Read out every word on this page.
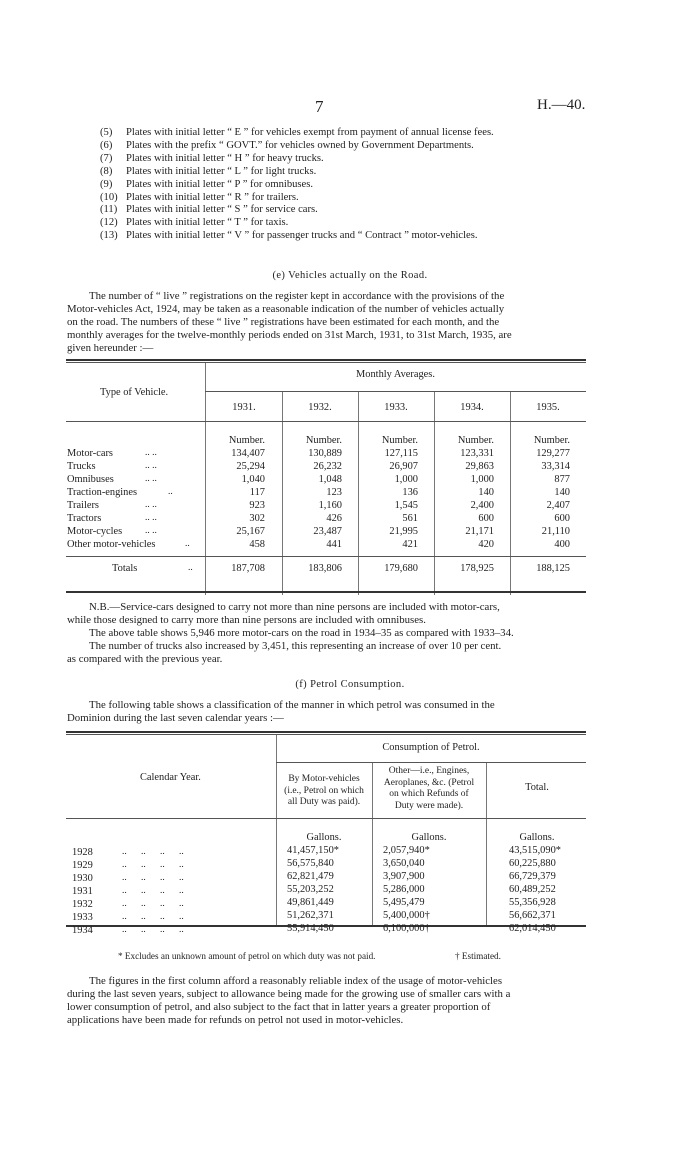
7	H.—40.
(5)	Plates with initial letter “ E ” for vehicles exempt from payment of annual license fees.
(6)	Plates with the prefix “ GOVT.” for vehicles owned by Government Departments.
(7)	Plates with initial letter “ H ” for heavy trucks.
(8)	Plates with initial letter “ L ” for light trucks.
(9)	Plates with initial letter “ P ” for omnibuses.
(10) Plates with initial letter “ R ” for trailers.
(11) Plates with initial letter “ S ” for service cars.
(12) Plates with initial letter “ T ” for taxis.
(13) Plates with initial letter “ V ” for passenger trucks and “ Contract ” motor-vehicles.
(e) Vehicles actually on the Road.
The number of “ live ” registrations on the register kept in accordance with the provisions of the
Motor-vehicles Act, 1924, may be taken as a reasonable indication of the number of vehicles actually
on the road. The numbers of these “ live ” registrations have been estimated for each month, and the
monthly averages for the twelve-monthly periods ended on 31st March, 1931, to 31st March, 1935, are
given hereunder :—
Type of Vehicle.
Monthly Averages.
1931.	1932.	1933.	1934.	1935.
Number.	Number.	Number.	Number.	Number.
Motor-cars	.. ..	134,407	130,889	127,115	123,331	129,277
Trucks	.. ..	25,294	26,232	26,907	29,863	33,314
Omnibuses	.. ..	1,040	1,048	1,000	1,000	877
Traction-engines	..	117	123	136	140	140
Trailers	.. ..	923	1,160	1,545	2,400	2,407
Tractors	.. ..	302	426	561	600	600
Motor-cycles .. ..	25,167	23,487	21,995	21,171	21,110
Other motor-vehicles	..	458	441	421	420	400
Totals	..	187,708	183,806	179,680	178,925	188,125
N.B.—Service-cars designed to carry not more than nine persons are included with motor-cars,
while those designed to carry more than nine persons are included with omnibuses.
The above table shows 5,946 more motor-cars on the road in 1934–35 as compared with 1933–34.
The number of trucks also increased by 3,451, this representing an increase of over 10 per cent.
as compared with the previous year.
(f) Petrol Consumption.
The following table shows a classification of the manner in which petrol was consumed in the
Dominion during the last seven calendar years :—
Consumption of Petrol.
Calendar Year.	By Motor-vehicles
(i.e., Petrol on which
all Duty was paid).
Other—i.e., Engines,
Aeroplanes, &c. (Petrol
on which Refunds of
Duty were made).
Total.
Gallons.	Gallons.	Gallons.
1928	..      ..      ..      ..	41,457,150*	2,057,940*	43,515,090*
1929	..      ..      ..      ..	56,575,840	3,650,040	60,225,880
1930	..      ..      ..      ..	62,821,479	3,907,900	66,729,379
1931	..      ..      ..      ..	55,203,252	5,286,000	60,489,252
1932	..      ..      ..      ..	49,861,449	5,495,479	55,356,928
1933	..      ..      ..      ..	51,262,371	5,400,000†	56,662,371
1934	..      ..      ..      ..	55,914,450	6,100,000†	62,014,450
* Excludes an unknown amount of petrol on which duty was not paid.	† Estimated.
The figures in the first column afford a reasonably reliable index of the usage of motor-vehicles
during the last seven years, subject to allowance being made for the growing use of smaller cars with a
lower consumption of petrol, and also subject to the fact that in latter years a greater proportion of
applications have been made for refunds on petrol not used in motor-vehicles.
